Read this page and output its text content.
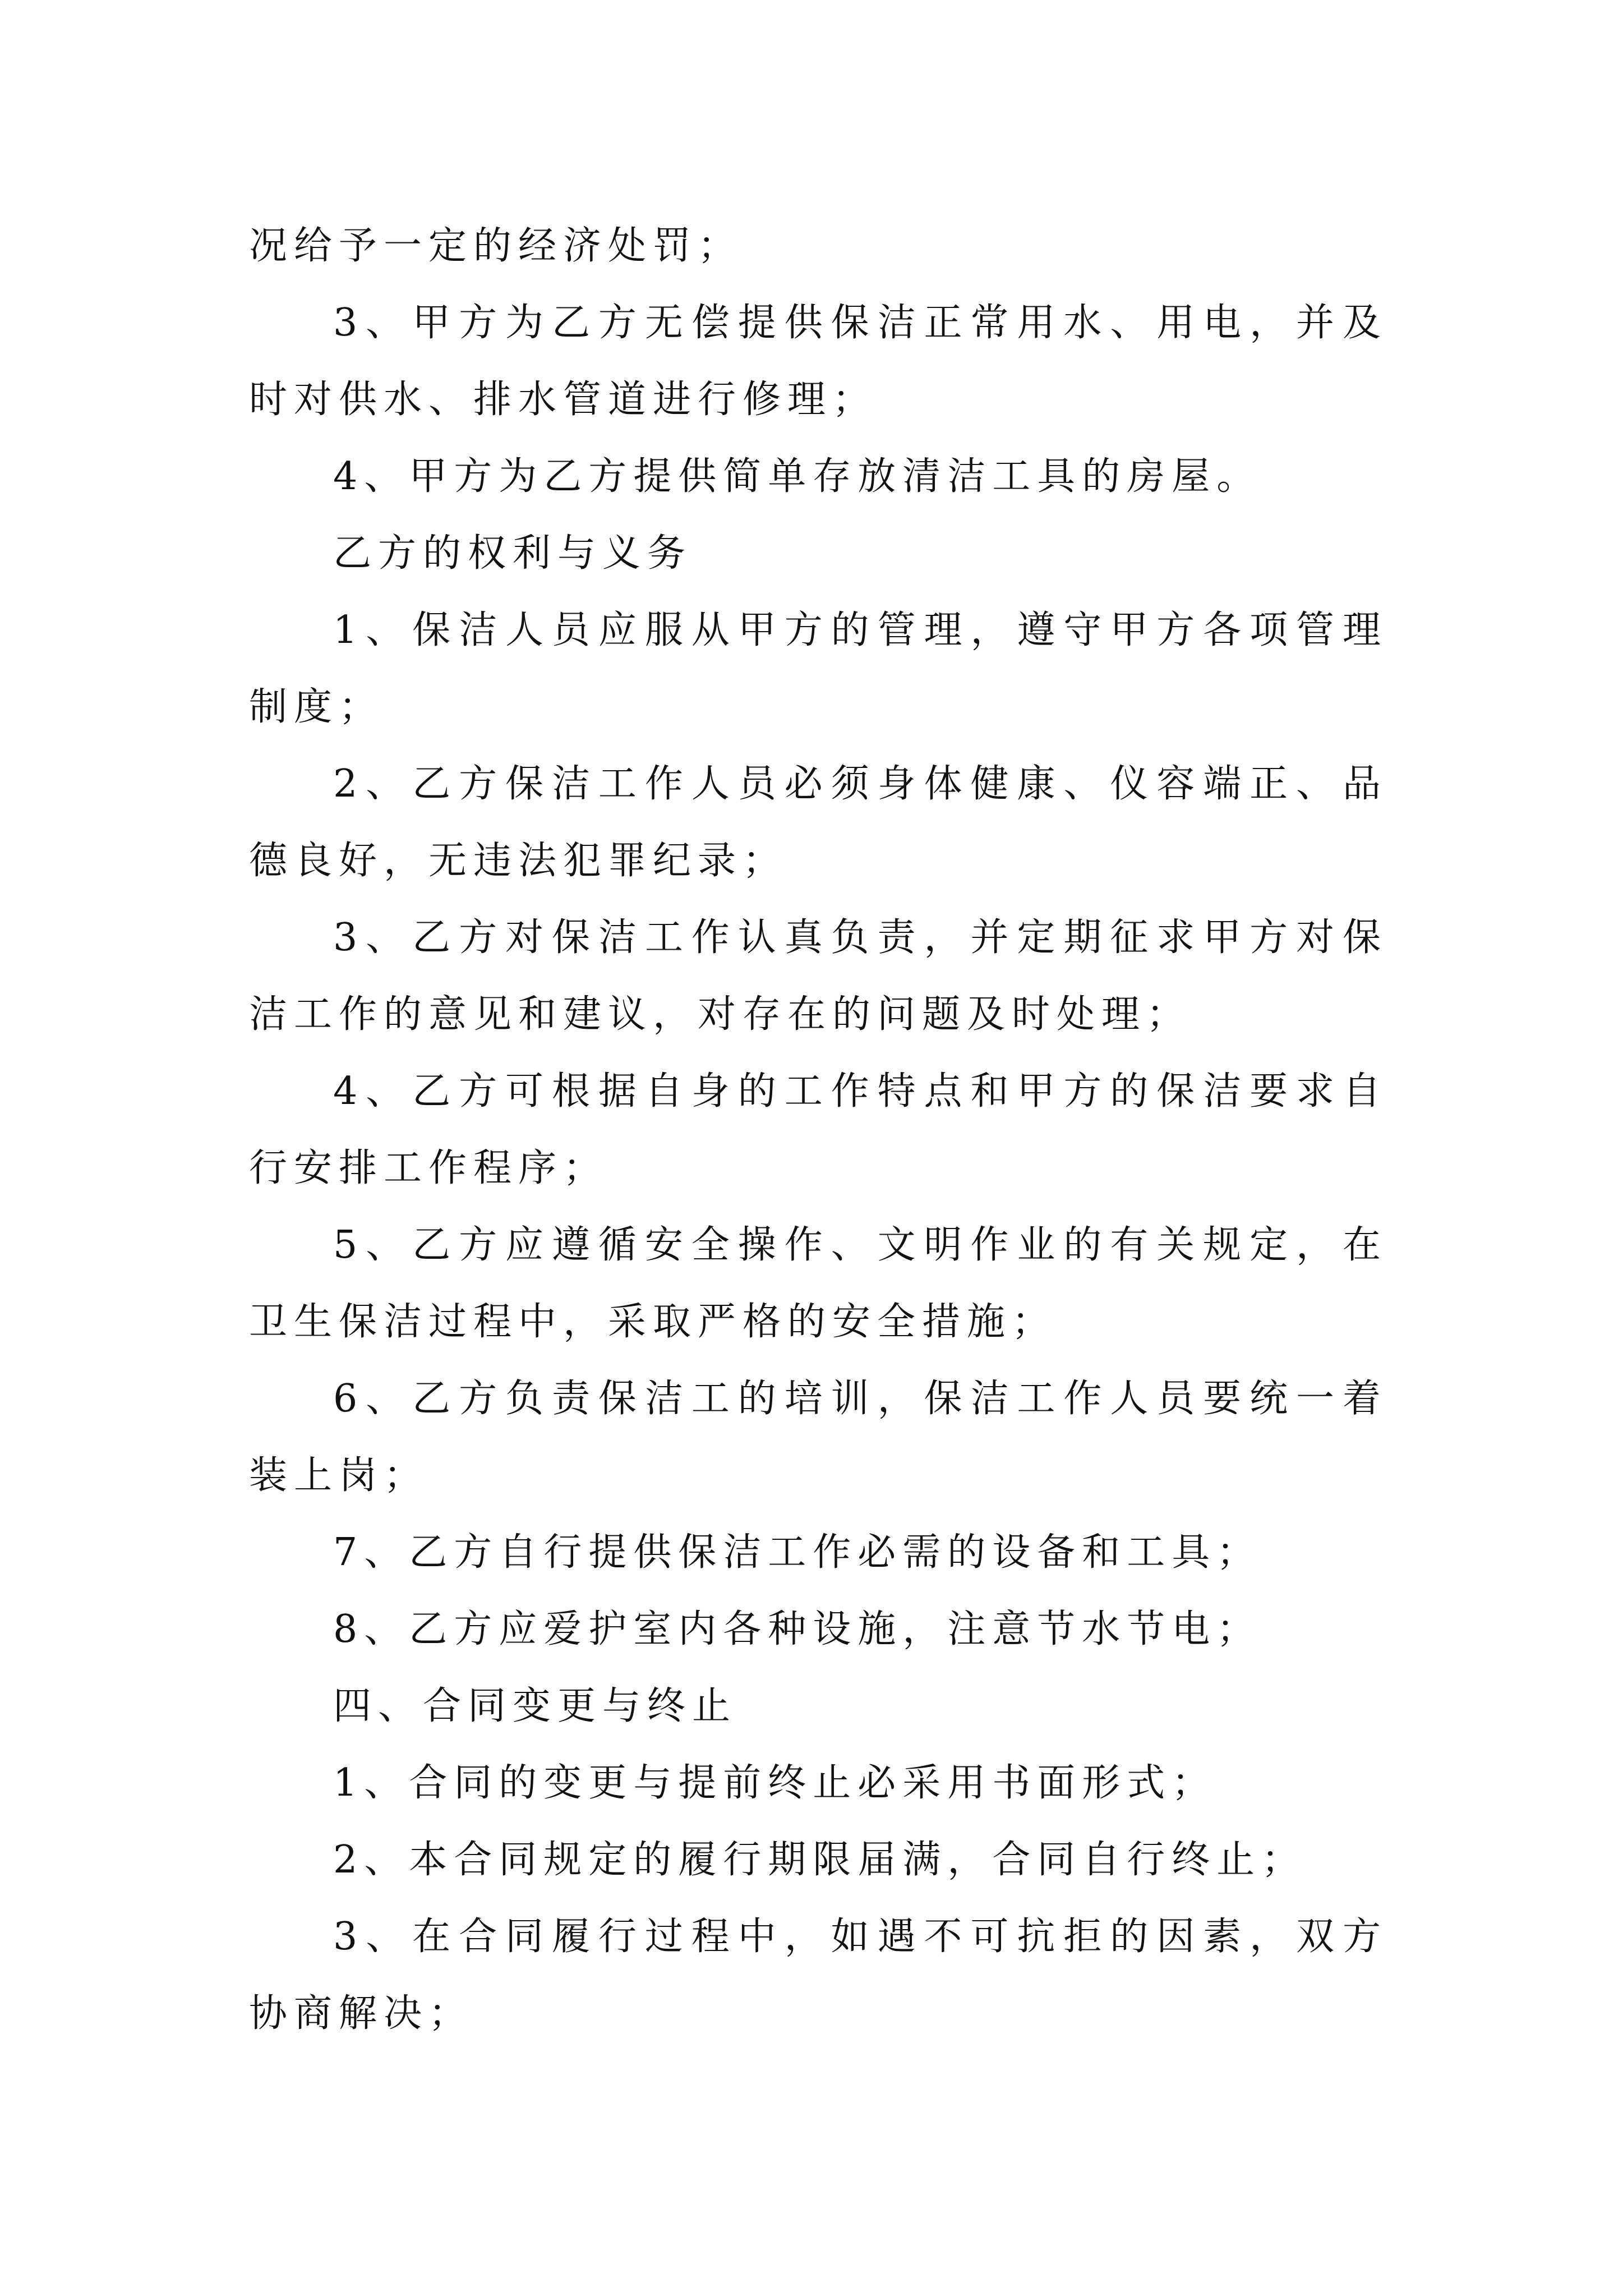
况给予一定的经济处罚；

3、甲方为乙方无偿提供保洁正常用水、用电，并及时对供水、排水管道进行修理；

4、甲方为乙方提供简单存放清洁工具的房屋。

乙方的权利与义务

1、保洁人员应服从甲方的管理，遵守甲方各项管理制度；

2、乙方保洁工作人员必须身体健康、仪容端正、品德良好，无违法犯罪纪录；

3、乙方对保洁工作认真负责，并定期征求甲方对保洁工作的意见和建议，对存在的问题及时处理；

4、乙方可根据自身的工作特点和甲方的保洁要求自行安排工作程序；

5、乙方应遵循安全操作、文明作业的有关规定，在卫生保洁过程中，采取严格的安全措施；

6、乙方负责保洁工的培训，保洁工作人员要统一着装上岗；

7、乙方自行提供保洁工作必需的设备和工具；

8、乙方应爱护室内各种设施，注意节水节电；

四、合同变更与终止

1、合同的变更与提前终止必采用书面形式；

2、本合同规定的履行期限届满，合同自行终止；

3、在合同履行过程中，如遇不可抗拒的因素，双方协商解决；
